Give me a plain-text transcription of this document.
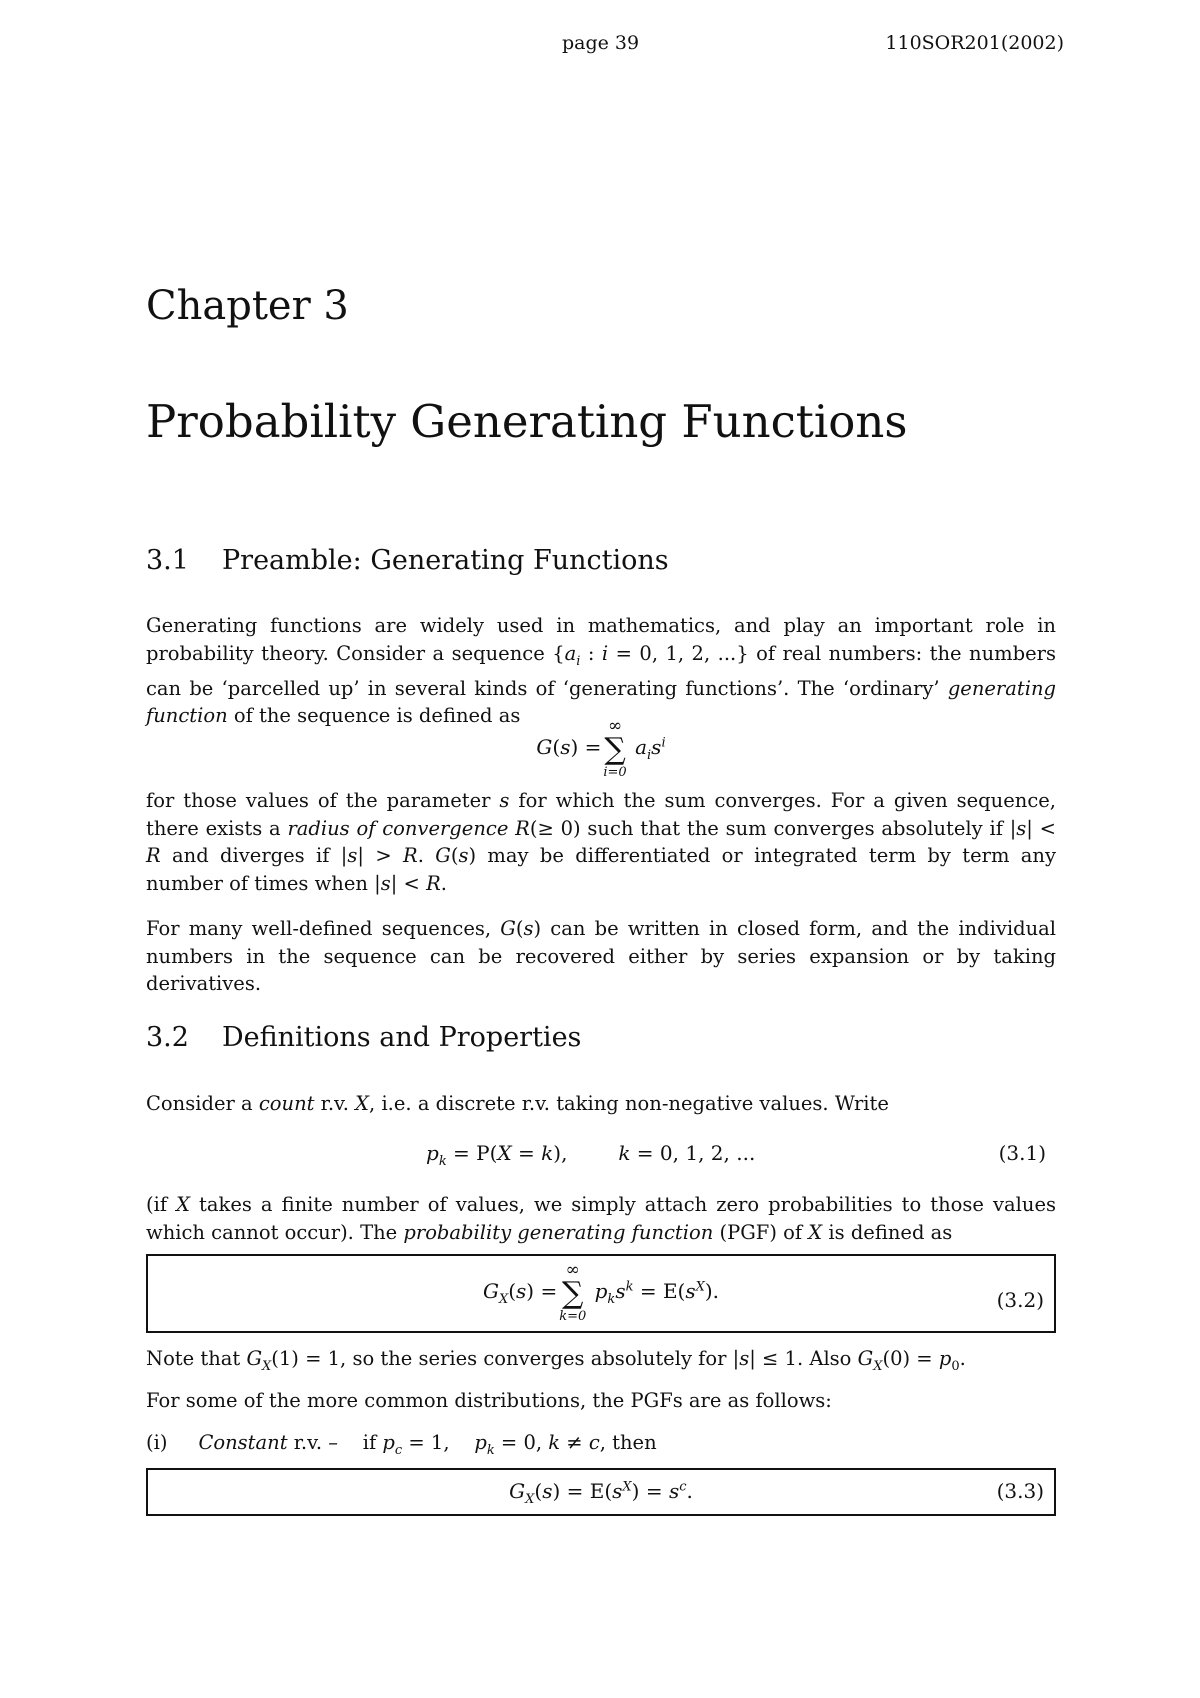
page 39	110SOR201(2002)
Chapter 3
Probability Generating Functions
3.1 Preamble: Generating Functions

Generating functions are widely used in mathematics, and play an important role in probability theory. Consider a sequence {$a_i$ : i = 0, 1, 2, ...} of real numbers: the numbers can be ‘parcelled up’ in several kinds of ‘generating functions’. The ‘ordinary’ generating function of the sequence is defined as

G(s) =
∞
∑
i=0
$a_is^i$

for those values of the parameter s for which the sum converges. For a given sequence, there exists a radius of convergence R(≥ 0) such that the sum converges absolutely if |s| < R and diverges if |s| > R. G(s) may be differentiated or integrated term by term any number of times when |s| < R.

For many well-defined sequences, G(s) can be written in closed form, and the individual numbers in the sequence can be recovered either by series expansion or by taking derivatives.

3.2 Definitions and Properties

Consider a count r.v. X, i.e. a discrete r.v. taking non-negative values. Write

$p_k = P(X = k)$,        k = 0, 1, 2, ...	(3.1)

(if X takes a finite number of values, we simply attach zero probabilities to those values which cannot occur). The probability generating function (PGF) of X is defined as

$G_X(s)$ =
∞
∑
k=0
$p_ks^k = E(s^X)$.	(3.2)

Note that $G_X(1) = 1$, so the series converges absolutely for |s| ≤ 1. Also $G_X(0) = p_0$.

For some of the more common distributions, the PGFs are as follows:

(i)     Constant r.v. –    if $p_c = 1$,    $p_k = 0$, k ≠ c, then

$G_X(s) = E(s^X) = s^c$.	(3.3)
